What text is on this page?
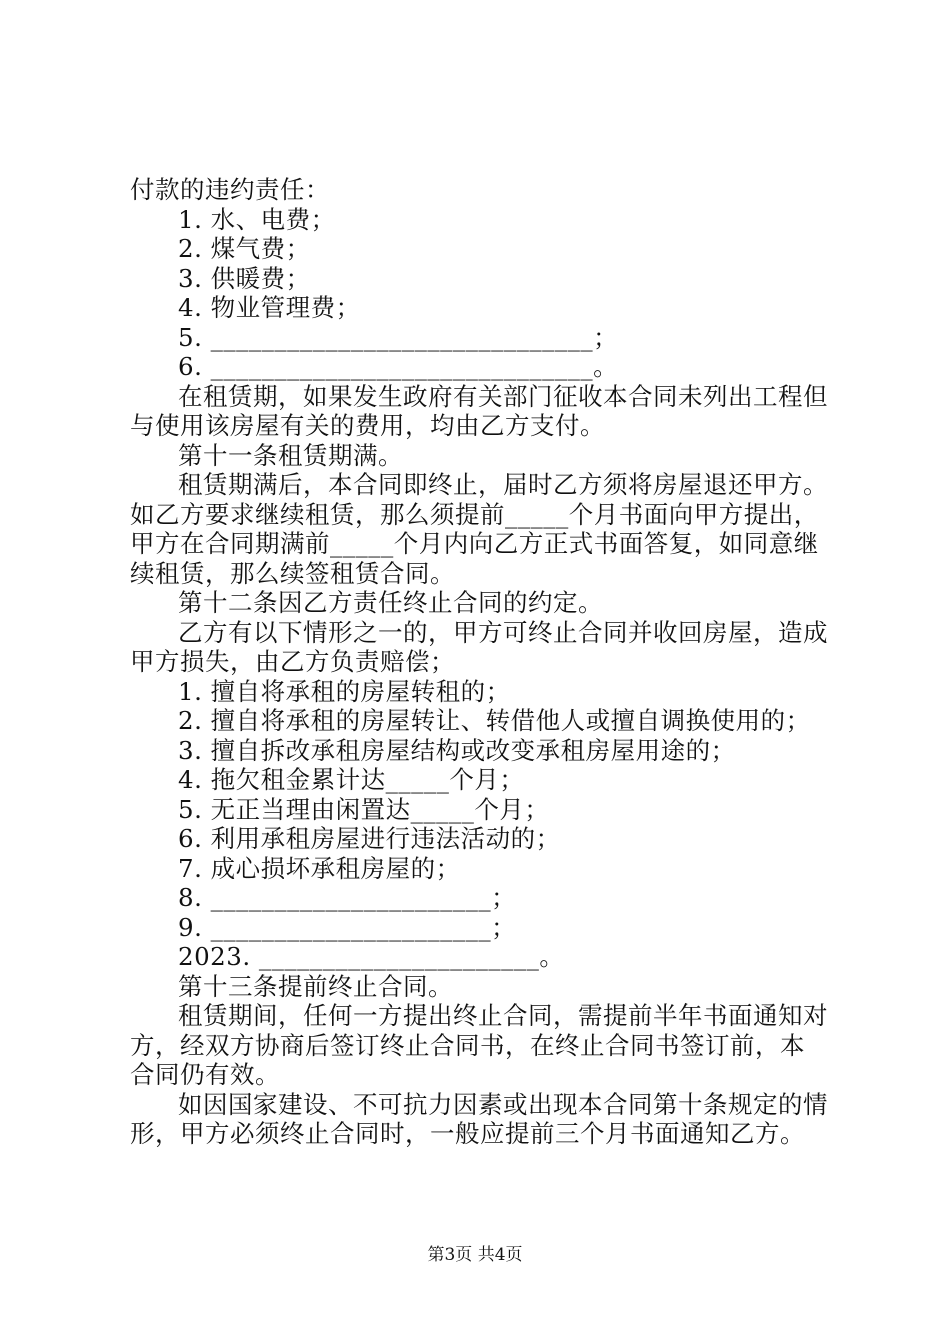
付款的违约责任：
1. 水、电费；
2. 煤气费；
3. 供暖费；
4. 物业管理费；
5. ______________________________；
6. ______________________________。
在租赁期，如果发生政府有关部门征收本合同未列出工程但
与使用该房屋有关的费用，均由乙方支付。
第十一条租赁期满。
租赁期满后，本合同即终止，届时乙方须将房屋退还甲方。
如乙方要求继续租赁，那么须提前_____个月书面向甲方提出，
甲方在合同期满前_____个月内向乙方正式书面答复，如同意继
续租赁，那么续签租赁合同。
第十二条因乙方责任终止合同的约定。
乙方有以下情形之一的，甲方可终止合同并收回房屋，造成
甲方损失，由乙方负责赔偿；
1. 擅自将承租的房屋转租的；
2. 擅自将承租的房屋转让、转借他人或擅自调换使用的；
3. 擅自拆改承租房屋结构或改变承租房屋用途的；
4. 拖欠租金累计达_____个月；
5. 无正当理由闲置达_____个月；
6. 利用承租房屋进行违法活动的；
7. 成心损坏承租房屋的；
8. ______________________；
9. ______________________；
2023. ______________________。
第十三条提前终止合同。
租赁期间，任何一方提出终止合同，需提前半年书面通知对
方，经双方协商后签订终止合同书，在终止合同书签订前，本
合同仍有效。
如因国家建设、不可抗力因素或出现本合同第十条规定的情
形，甲方必须终止合同时，一般应提前三个月书面通知乙方。
第3页 共4页
